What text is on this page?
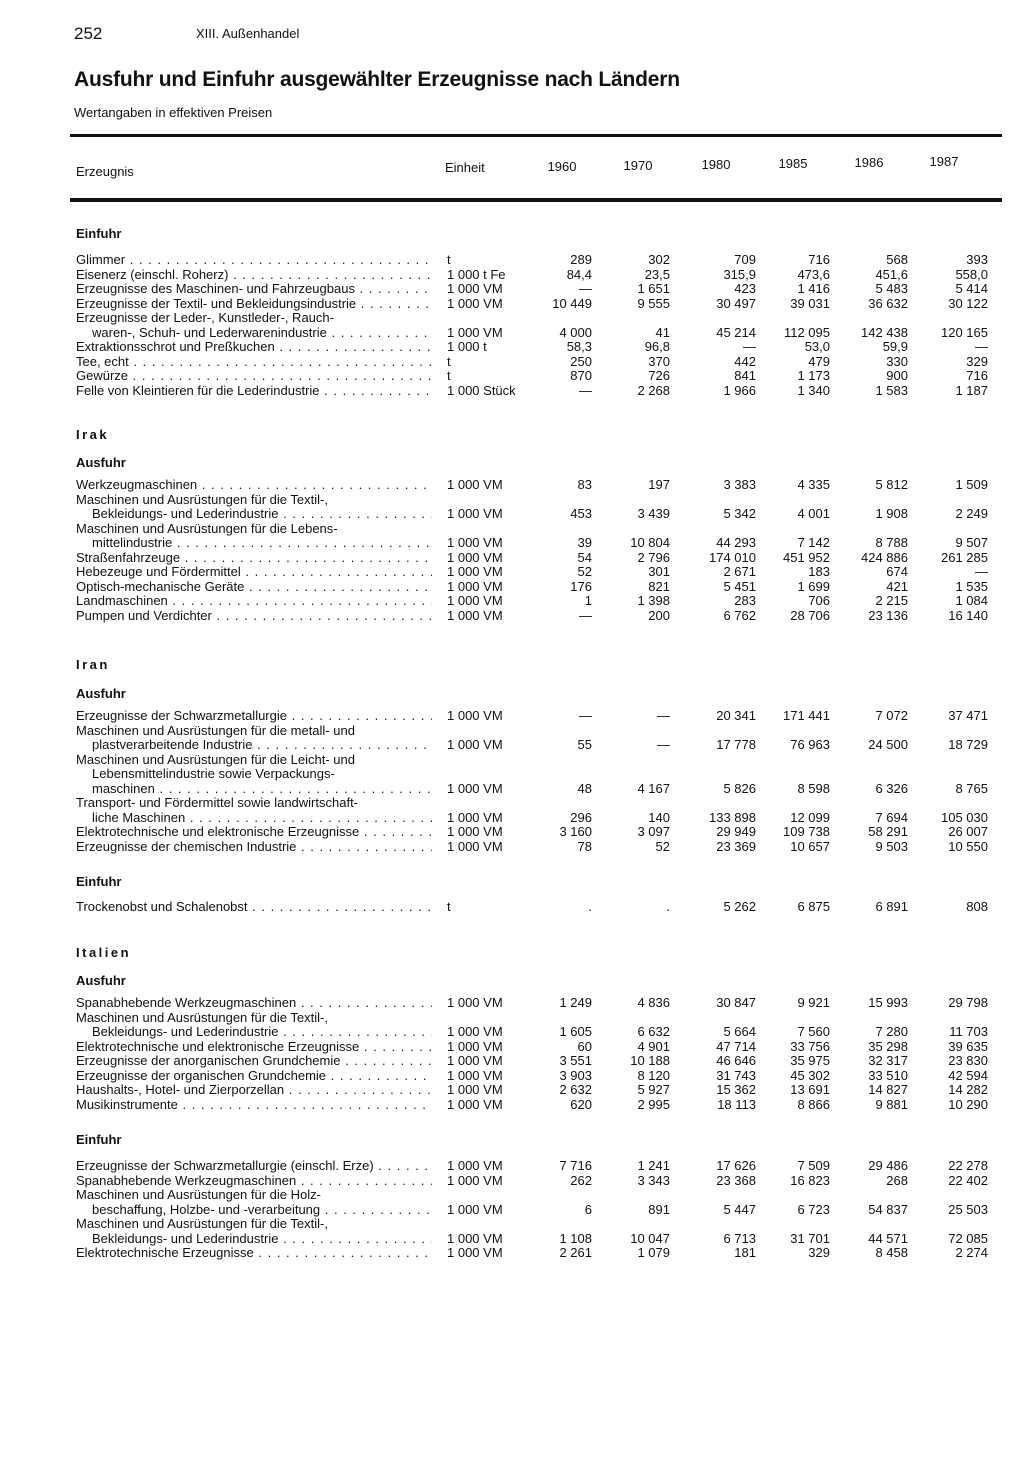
252	XIII. Außenhandel
Ausfuhr und Einfuhr ausgewählter Erzeugnisse nach Ländern
Wertangaben in effektiven Preisen
Erzeugnis	Einheit	1960	1970	1980	1985	1986	1987
Einfuhr
Glimmer . . .	t	289	302	709	716	568	393
Eisenerz (einschl. Roherz) . . .	1 000 t Fe	84,4	23,5	315,9	473,6	451,6	558,0
Erzeugnisse des Maschinen- und Fahrzeugbaus . . .	1 000 VM	—	1 651	423	1 416	5 483	5 414
Erzeugnisse der Textil- und Bekleidungsindustrie . . .	1 000 VM	10 449	9 555	30 497	39 031	36 632	30 122
Erzeugnisse der Leder-, Kunstleder-, Rauch-
waren-, Schuh- und Lederwarenindustrie . . .	1 000 VM	4 000	41	45 214	112 095	142 438	120 165
Extraktionsschrot und Preßkuchen . . .	1 000 t	58,3	96,8	—	53,0	59,9	—
Tee, echt . . .	t	250	370	442	479	330	329
Gewürze . . .	t	870	726	841	1 173	900	716
Felle von Kleintieren für die Lederindustrie . . .	1 000 Stück	—	2 268	1 966	1 340	1 583	1 187
Irak
Ausfuhr
Werkzeugmaschinen . . .	1 000 VM	83	197	3 383	4 335	5 812	1 509
Maschinen und Ausrüstungen für die Textil-,
Bekleidungs- und Lederindustrie . . .	1 000 VM	453	3 439	5 342	4 001	1 908	2 249
Maschinen und Ausrüstungen für die Lebens-
mittelindustrie . . .	1 000 VM	39	10 804	44 293	7 142	8 788	9 507
Straßenfahrzeuge . . .	1 000 VM	54	2 796	174 010	451 952	424 886	261 285
Hebezeuge und Fördermittel . . .	1 000 VM	52	301	2 671	183	674	—
Optisch-mechanische Geräte . . .	1 000 VM	176	821	5 451	1 699	421	1 535
Landmaschinen . . .	1 000 VM	1	1 398	283	706	2 215	1 084
Pumpen und Verdichter . . .	1 000 VM	—	200	6 762	28 706	23 136	16 140
Iran
Ausfuhr
Erzeugnisse der Schwarzmetallurgie . . .	1 000 VM	—	—	20 341	171 441	7 072	37 471
Maschinen und Ausrüstungen für die metall- und
plastverarbeitende Industrie . . .	1 000 VM	55	—	17 778	76 963	24 500	18 729
Maschinen und Ausrüstungen für die Leicht- und
Lebensmittelindustrie sowie Verpackungs-
maschinen . . .	1 000 VM	48	4 167	5 826	8 598	6 326	8 765
Transport- und Fördermittel sowie landwirtschaft-
liche Maschinen . . .	1 000 VM	296	140	133 898	12 099	7 694	105 030
Elektrotechnische und elektronische Erzeugnisse . . .	1 000 VM	3 160	3 097	29 949	109 738	58 291	26 007
Erzeugnisse der chemischen Industrie . . .	1 000 VM	78	52	23 369	10 657	9 503	10 550
Einfuhr
Trockenobst und Schalenobst . . .	t	.	.	5 262	6 875	6 891	808
Italien
Ausfuhr
Spanabhebende Werkzeugmaschinen . . .	1 000 VM	1 249	4 836	30 847	9 921	15 993	29 798
Maschinen und Ausrüstungen für die Textil-,
Bekleidungs- und Lederindustrie . . .	1 000 VM	1 605	6 632	5 664	7 560	7 280	11 703
Elektrotechnische und elektronische Erzeugnisse . . .	1 000 VM	60	4 901	47 714	33 756	35 298	39 635
Erzeugnisse der anorganischen Grundchemie . . .	1 000 VM	3 551	10 188	46 646	35 975	32 317	23 830
Erzeugnisse der organischen Grundchemie . . .	1 000 VM	3 903	8 120	31 743	45 302	33 510	42 594
Haushalts-, Hotel- und Zierporzellan . . .	1 000 VM	2 632	5 927	15 362	13 691	14 827	14 282
Musikinstrumente . . .	1 000 VM	620	2 995	18 113	8 866	9 881	10 290
Einfuhr
Erzeugnisse der Schwarzmetallurgie (einschl. Erze) . . .	1 000 VM	7 716	1 241	17 626	7 509	29 486	22 278
Spanabhebende Werkzeugmaschinen . . .	1 000 VM	262	3 343	23 368	16 823	268	22 402
Maschinen und Ausrüstungen für die Holz-
beschaffung, Holzbe- und -verarbeitung . . .	1 000 VM	6	891	5 447	6 723	54 837	25 503
Maschinen und Ausrüstungen für die Textil-,
Bekleidungs- und Lederindustrie . . .	1 000 VM	1 108	10 047	6 713	31 701	44 571	72 085
Elektrotechnische Erzeugnisse . . .	1 000 VM	2 261	1 079	181	329	8 458	2 274
